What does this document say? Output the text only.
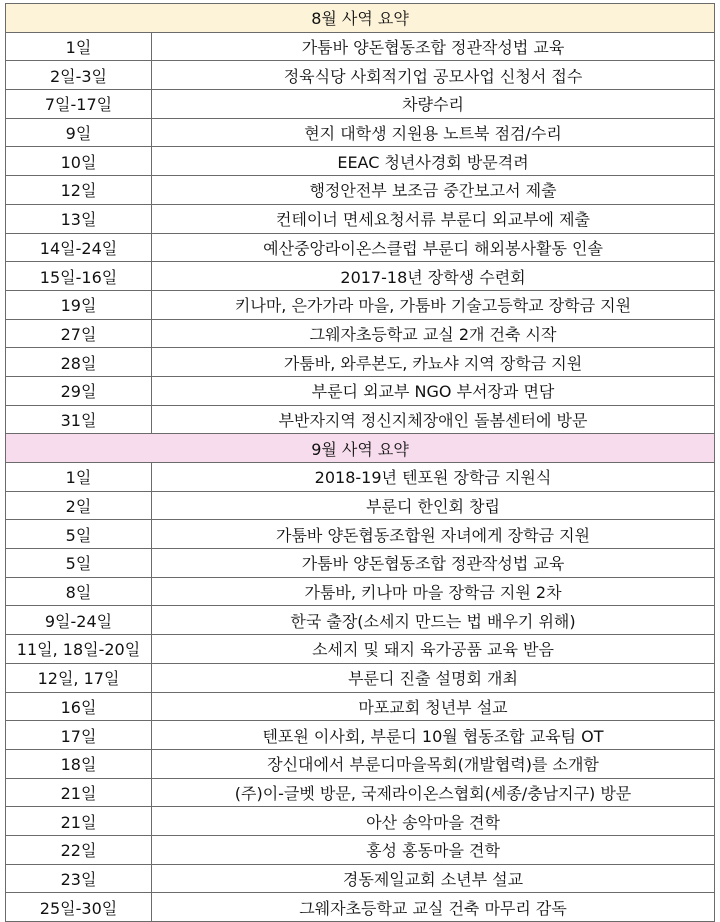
8월 사역 요약	
1일	가툼바 양돈협동조합 정관작성법 교육
2일-3일	정육식당 사회적기업 공모사업 신청서 접수
7일-17일	차량수리
9일	현지 대학생 지원용 노트북 점검/수리
10일	EEAC 청년사경회 방문격려
12일	행정안전부 보조금 중간보고서 제출
13일	컨테이너 면세요청서류 부룬디 외교부에 제출
14일-24일	예산중앙라이온스클럽 부룬디 해외봉사활동 인솔
15일-16일	2017-18년 장학생 수련회
19일	키나마, 은가가라 마을, 가툼바 기술고등학교 장학금 지원
27일	그웨자초등학교 교실 2개 건축 시작
28일	가툼바, 와루본도, 카뇨샤 지역 장학금 지원
29일	부룬디 외교부 NGO 부서장과 면담
31일	부반자지역 정신지체장애인 돌봄센터에 방문
9월 사역 요약	
1일	2018-19년 텐포원 장학금 지원식
2일	부룬디 한인회 창립
5일	가툼바 양돈협동조합원 자녀에게 장학금 지원
5일	가툼바 양돈협동조합 정관작성법 교육
8일	가툼바, 키나마 마을 장학금 지원 2차
9일-24일	한국 출장(소세지 만드는 법 배우기 위해)
11일, 18일-20일	소세지 및 돼지 육가공품 교육 받음
12일, 17일	부룬디 진출 설명회 개최
16일	마포교회 청년부 설교
17일	텐포원 이사회, 부룬디 10월 협동조합 교육팀 OT
18일	장신대에서 부룬디마을목회(개발협력)를 소개함
21일	(주)이-글벳 방문, 국제라이온스협회(세종/충남지구) 방문
21일	아산 송악마을 견학
22일	홍성 홍동마을 견학
23일	경동제일교회 소년부 설교
25일-30일	그웨자초등학교 교실 건축 마무리 감독
